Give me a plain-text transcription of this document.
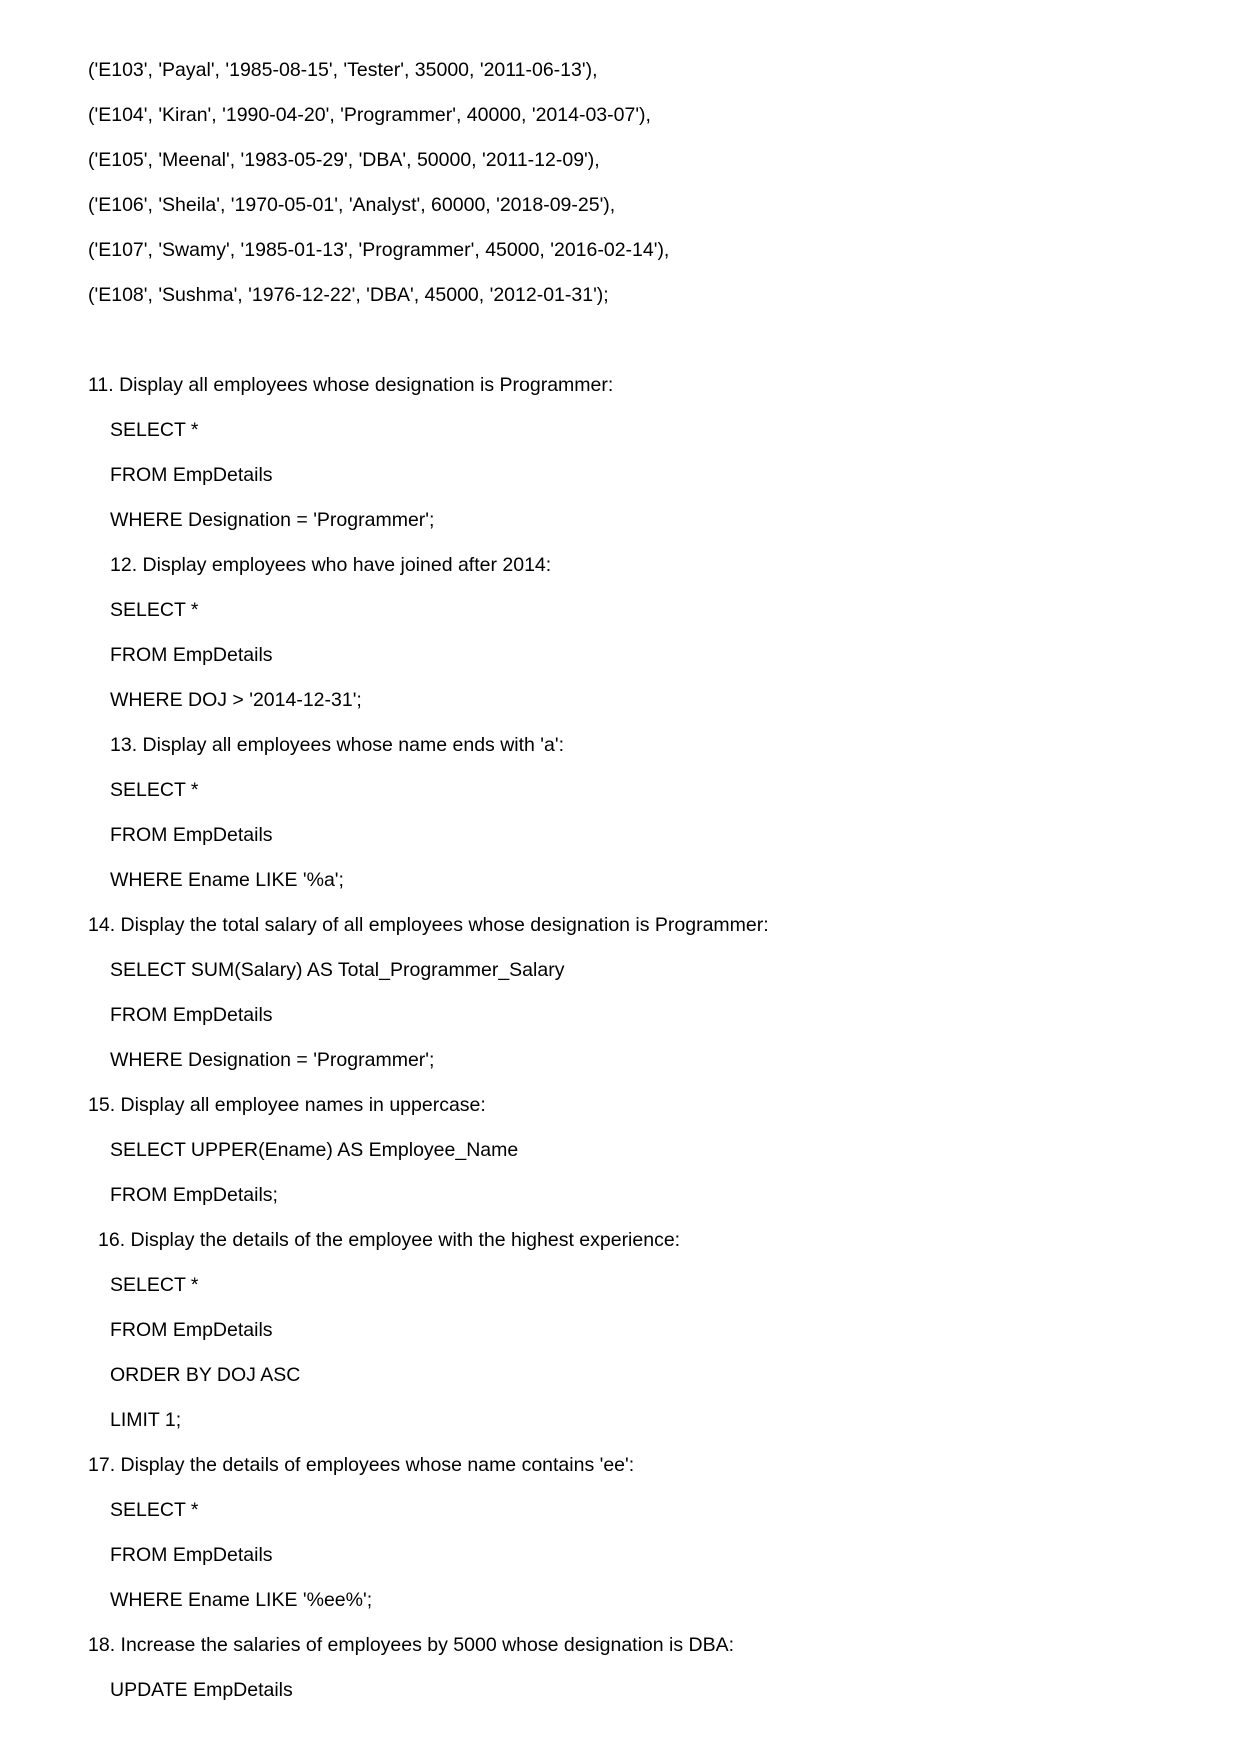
('E103', 'Payal', '1985-08-15', 'Tester', 35000, '2011-06-13'),
('E104', 'Kiran', '1990-04-20', 'Programmer', 40000, '2014-03-07'),
('E105', 'Meenal', '1983-05-29', 'DBA', 50000, '2011-12-09'),
('E106', 'Sheila', '1970-05-01', 'Analyst', 60000, '2018-09-25'),
('E107', 'Swamy', '1985-01-13', 'Programmer', 45000, '2016-02-14'),
('E108', 'Sushma', '1976-12-22', 'DBA', 45000, '2012-01-31');
11. Display all employees whose designation is Programmer:
SELECT *
FROM EmpDetails
WHERE Designation = 'Programmer';
12. Display employees who have joined after 2014:
SELECT *
FROM EmpDetails
WHERE DOJ > '2014-12-31';
13. Display all employees whose name ends with 'a':
SELECT *
FROM EmpDetails
WHERE Ename LIKE '%a';
14. Display the total salary of all employees whose designation is Programmer:
SELECT SUM(Salary) AS Total_Programmer_Salary
FROM EmpDetails
WHERE Designation = 'Programmer';
15. Display all employee names in uppercase:
SELECT UPPER(Ename) AS Employee_Name
FROM EmpDetails;
16. Display the details of the employee with the highest experience:
SELECT *
FROM EmpDetails
ORDER BY DOJ ASC
LIMIT 1;
17. Display the details of employees whose name contains 'ee':
SELECT *
FROM EmpDetails
WHERE Ename LIKE '%ee%';
18. Increase the salaries of employees by 5000 whose designation is DBA:
UPDATE EmpDetails
